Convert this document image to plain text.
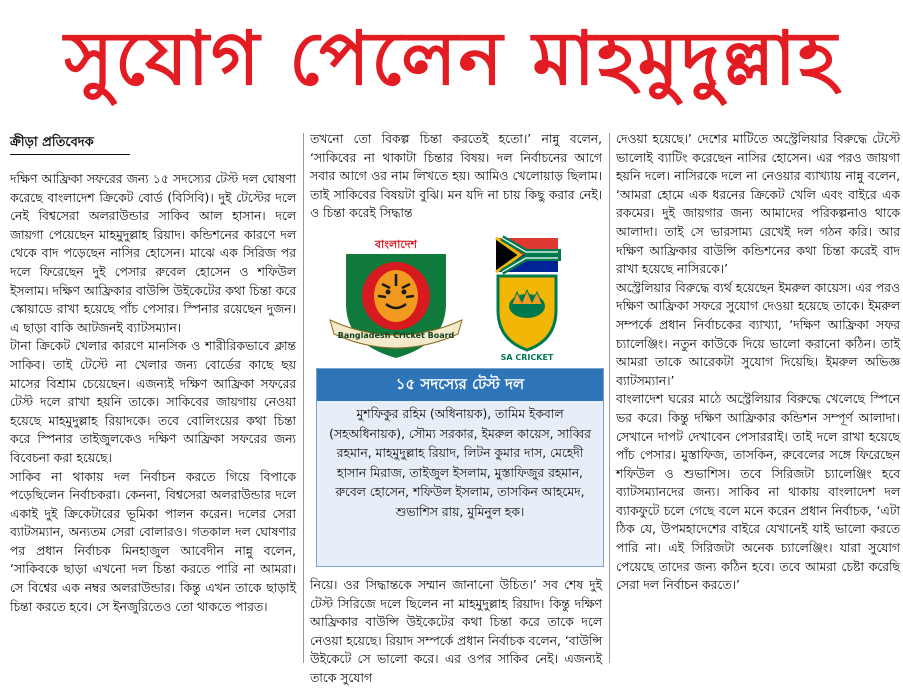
সুযোগ পেলেন মাহমুদুল্লাহ
ক্রীড়া প্রতিবেদক

দক্ষিণ আফ্রিকা সফরের জন্য ১৫ সদস্যের টেস্ট দল ঘোষণা করেছে বাংলাদেশ ক্রিকেট বোর্ড (বিসিবি)। দুই টেস্টের দলে নেই বিশ্বসেরা অলরাউন্ডার সাকিব আল হাসান। দলে জায়গা পেয়েছেন মাহমুদুল্লাহ রিয়াদ। কন্ডিশনের কারণে দল থেকে বাদ পড়েছেন নাসির হোসেন। মাঝে এক সিরিজ পর দলে ফিরেছেন দুই পেসার রুবেল হোসেন ও শফিউল ইসলাম। দক্ষিণ আফ্রিকার বাউন্সি উইকেটের কথা চিন্তা করে স্কোয়াডে রাখা হয়েছে পাঁচ পেসার। স্পিনার রয়েছেন দুজন। এ ছাড়া বাকি আটজনই ব্যাটসম্যান।

টানা ক্রিকেট খেলার কারণে মানসিক ও শারীরিকভাবে ক্লান্ত সাকিব। তাই টেস্টে না খেলার জন্য বোর্ডের কাছে ছয় মাসের বিশ্রাম চেয়েছেন। এজন্যই দক্ষিণ আফ্রিকা সফরের টেস্ট দলে রাখা হয়নি তাকে। সাকিবের জায়গায় নেওয়া হয়েছে মাহমুদুল্লাহ রিয়াদকে। তবে বোলিংয়ের কথা চিন্তা করে স্পিনার তাইজুলকেও দক্ষিণ আফ্রিকা সফরের জন্য বিবেচনা করা হয়েছে।

সাকিব না থাকায় দল নির্বাচন করতে গিয়ে বিপাকে পড়েছিলেন নির্বাচকরা। কেননা, বিশ্বসেরা অলরাউন্ডার দলে একাই দুই ক্রিকেটারের ভূমিকা পালন করেন। দলের সেরা ব্যাটসম্যান, অন্যতম সেরা বোলারও। গতকাল দল ঘোষণার পর প্রধান নির্বাচক মিনহাজুল আবেদীন নান্নু বলেন, ‘সাকিবকে ছাড়া এখনো দল চিন্তা করতে পারি না আমরা। সে বিশ্বের এক নম্বর অলরাউন্ডার। কিন্তু এখন তাকে ছাড়াই চিন্তা করতে হবে। সে ইনজুরিতেও তো থাকতে পারত।

তখনো তো বিকল্প চিন্তা করতেই হতো।’ নান্নু বলেন, ‘সাকিবের না থাকাটা চিন্তার বিষয়। দল নির্বাচনের আগে সবার আগে ওর নাম লিখতে হয়। আমিও খেলোয়াড় ছিলাম। তাই সাকিবের বিষয়টা বুঝি। মন যদি না চায় কিছু করার নেই। ও চিন্তা করেই সিদ্ধান্ত

বাংলাদেশ
Bangladesh Cricket Board
SA CRICKET
১৫ সদস্যের টেস্ট দল
মুশফিকুর রহিম (অধিনায়ক), তামিম ইকবাল (সহঅধিনায়ক), সৌম্য সরকার, ইমরুল কায়েস, সাব্বির রহমান, মাহমুদুল্লাহ রিয়াদ, লিটন কুমার দাস, মেহেদী হাসান মিরাজ, তাইজুল ইসলাম, মুস্তাফিজুর রহমান, রুবেল হোসেন, শফিউল ইসলাম, তাসকিন আহমেদ, শুভাশিস রায়, মুমিনুল হক।

নিয়ে। ওর সিদ্ধান্তকে সম্মান জানানো উচিত।’ সব শেষ দুই টেস্ট সিরিজে দলে ছিলেন না মাহমুদুল্লাহ রিয়াদ। কিন্তু দক্ষিণ আফ্রিকার বাউন্সি উইকেটের কথা চিন্তা করে তাকে দলে নেওয়া হয়েছে। রিয়াদ সম্পর্কে প্রধান নির্বাচক বলেন, ‘বাউন্সি উইকেটে সে ভালো করে। এর ওপর সাকিব নেই। এজন্যই তাকে সুযোগ

দেওয়া হয়েছে।’ দেশের মাটিতে অস্ট্রেলিয়ার বিরুদ্ধে টেস্টে ভালোই ব্যাটিং করেছেন নাসির হোসেন। এর পরও জায়গা হয়নি দলে। নাসিরকে দলে না নেওয়ার ব্যাখ্যায় নান্নু বলেন, ‘আমরা হোমে এক ধরনের ক্রিকেট খেলি এবং বাইরে এক রকমের। দুই জায়গার জন্য আমাদের পরিকল্পনাও থাকে আলাদা। তাই সে ভারসাম্য রেখেই দল গঠন করি। আর দক্ষিণ আফ্রিকার বাউন্সি কন্ডিশনের কথা চিন্তা করেই বাদ রাখা হয়েছে নাসিরকে।’

অস্ট্রেলিয়ার বিরুদ্ধে ব্যর্থ হয়েছেন ইমরুল কায়েস। এর পরও দক্ষিণ আফ্রিকা সফরে সুযোগ দেওয়া হয়েছে তাকে। ইমরুল সম্পর্কে প্রধান নির্বাচকের ব্যাখ্যা, ‘দক্ষিণ আফ্রিকা সফর চ্যালেঞ্জিং। নতুন কাউকে দিয়ে ভালো করানো কঠিন। তাই আমরা তাকে আরেকটা সুযোগ দিয়েছি। ইমরুল অভিজ্ঞ ব্যাটসম্যান।’

বাংলাদেশ ঘরের মাঠে অস্ট্রেলিয়ার বিরুদ্ধে খেলেছে স্পিনে ভর করে। কিন্তু দক্ষিণ আফ্রিকার কন্ডিশন সম্পূর্ণ আলাদা। সেখানে দাপট দেখাবেন পেসাররাই। তাই দলে রাখা হয়েছে পাঁচ পেসার। মুস্তাফিজ, তাসকিন, রুবেলের সঙ্গে ফিরেছেন শফিউল ও শুভাশিস। তবে সিরিজটা চ্যালেঞ্জিং হবে ব্যাটসম্যানদের জন্য। সাকিব না থাকায় বাংলাদেশ দল ব্যাকফুটে চলে গেছে বলে মনে করেন প্রধান নির্বাচক, ‘এটা ঠিক যে, উপমহাদেশের বাইরে যেখানেই যাই ভালো করতে পারি না। এই সিরিজটা অনেক চ্যালেঞ্জিং। যারা সুযোগ পেয়েছে তাদের জন্য কঠিন হবে। তবে আমরা চেষ্টা করেছি সেরা দল নির্বাচন করতে।’
